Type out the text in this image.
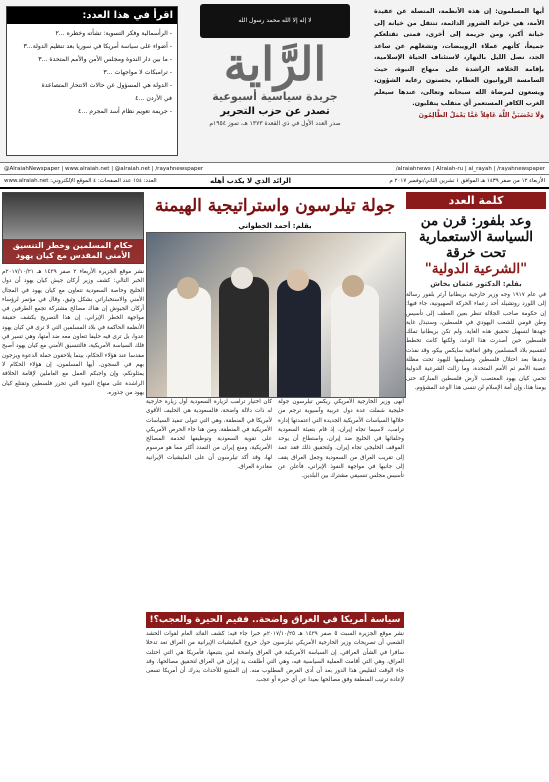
اقرأ في هذا العدد:
- الرأسمالية وفكر التسوية: تشأته وخطره ...٢
- أضواء على سياسة أمريكا في سوريا بعد تنظيم الدولة...٣
- ما بين دار الندوة ومجلس الأمن والأمم المتحدة ...٣
- ترامبكات لا مواجهات ...٣
- الدولة هي المسؤول عن حالات الانتحار المتصاعدة
في الأردن ...٤
- جريمة تعويم نظام أسد المجرم ...٤
لا إله إلا الله محمد رسول الله
الرَّاية
جريدة سياسية أسبوعية
تصدر عن حزب التحرير
صدر العدد الأول في ذي القعدة ١٣٧٣ هـ، تموز ١٩٥٤م
أيها المسلمون: إن هذه الأنظمة، المتصلة عن عقيدة الأمة، هي خزانة الشرور الدائمة، تنتقل من خيانة إلى خيانة أكبر، ومن جريمة إلى أخرى، فمتى تقتلعكم جميعاً، كأنهم عملاء الرويبضات، وتشغلهم عن ساعد الجد، نصل الليل بالنهار، لاستئناف الحياة الإسلامية، بإقامة الخلافة الراشدة على منهاج النبوة، حيث السامسة الروانيون العظام، يحسنون رعاية الشؤون، ويسعون لمرضاة الله سبحانه وتعالى، عندها سيعلم الغرب الكافر المستعمر أي منقلب ينقلبون.
وَلَا تَحْسَبَنَّ اللَّهَ غَافِلاً عَمَّا يَعْمَلُ الظَّالِمُونَ
@AlraiahNewspaper | www.alraiah.net | @alraiah.net | /rayahnewspaper	/alraiahnews | Alraiah-ru | al_rayah | /rayahnewspaper
الأربعاء ١٢ من صفر ١٤٣٩ هـ الموافق ١ تشرين الثاني/نوفمبر ٢٠١٧ م
الرائد الذي لا يكذب أهله
العدد: ١٥٤ عدد الصفحات: ٤ الموقع الإلكتروني: www.alraiah.net
كلمة العدد
وعد بلفور: قرن من السياسة الاستعمارية تحت خرقة
"الشرعية الدولية"
بقلم: الدكتور عثمان بخاش
في عام ١٩١٧ وجه وزير خارجية بريطانيا آرثر بلفور رسالة إلى اللورد روتشيلد أحد زعماء الحركة الصهيونية، جاء فيها: إن حكومة صاحب الجلالة تنظر بعين العطف إلى تأسيس وطن قومي للشعب اليهودي في فلسطين، وستبذل غاية جهدها لتسهيل تحقيق هذه الغاية. ولم تكن بريطانيا تملك فلسطين حين أصدرت هذا الوعد، ولكنها كانت تخطط لتقسيم بلاد المسلمين وفق اتفاقية سايكس بيكو، وقد نفذت وعدها بعد احتلال فلسطين وتسليمها لليهود تحت مظلة عصبة الأمم ثم الأمم المتحدة، وما زالت الشرعية الدولية تحمي كيان يهود المغتصب لأرض فلسطين المباركة حتى يومنا هذا، وإن أمة الإسلام لن تنسى هذا الوعد المشؤوم.
حكام المسلمين وخطر التنسيق الأمني المقدس مع كيان يهود
نشر موقع الجزيرة الأربعاء ٢ صفر ١٤٣٩ هـ ٢٠١٧/١٠/٢١م الخبر التالي: كشف وزير أركان جيش كيان يهود أن دول الخليج وخاصة السعودية تتعاون مع كيان يهود في المجال الأمني والاستخباراتي بشكل وثيق، وقال في مؤتمر لرؤساء أركان الجيوش إن هناك مصالح مشتركة تجمع الطرفين في مواجهة الخطر الإيراني. إن هذا التصريح يكشف حقيقة الأنظمة الحاكمة في بلاد المسلمين التي لا ترى في كيان يهود عدوا، بل ترى فيه حليفا تتعاون معه ضد أمتها، وهي تسير في فلك السياسة الأمريكية، فالتنسيق الأمني مع كيان يهود أصبح مقدسا عند هؤلاء الحكام، بينما يلاحقون حملة الدعوة ويزجون بهم في السجون. أيها المسلمون، إن هؤلاء الحكام لا يمثلونكم، وإن واجبكم العمل مع العاملين لإقامة الخلافة الراشدة على منهاج النبوة التي تحرر فلسطين وتقتلع كيان يهود من جذوره.
جولة تيلرسون واستراتيجية الهيمنة
بقلم: أحمد الخطواني
أنهى وزير الخارجية الأمريكي ريكس تيلرسون جولة خليجية شملت عدة دول عربية وآسيوية ترجم من خلالها السياسات الأمريكية الجديدة التي اعتمدتها إدارة ترامب، لاسيما تجاه إيران، إذ قام بتعبئة السعودية وحلفائها في الخليج ضد إيران، واستطاع أن يوحد الموقف الخليجي تجاه إيران. ولتحقيق ذلك فقد عمد إلى تقريب العراق من السعودية وجعل العراق يقف إلى جانبها في مواجهة النفوذ الإيراني، فأعلن عن تأسيس مجلس تنسيقي مشترك بين البلدين.
كان اختيار ترامب لزيارة السعودية أول زيارة خارجية له ذات دلالة واضحة، فالسعودية هي الحليف الأقوى لأمريكا في المنطقة، وهي التي تتولى تنفيذ السياسات الأمريكية في المنطقة، ومن هنا جاء الحرص الأمريكي على تقوية السعودية وتوظيفها لخدمة المصالح الأمريكية، ومنع إيران من التمدد أكثر مما هو مرسوم لها، وقد أكد تيلرسون أن على المليشيات الإيرانية مغادرة العراق.
سياسة أمريكا في العراق واضحة.. ففيم الحيرة والعجب؟!
نشر موقع الجزيرة السبت ٥ صفر ١٤٣٩ هـ ٢٠١٧/١٠/٢٥م خبرا جاء فيه: كشف القائد العام لقوات الحشد الشعبي أن تصريحات وزير الخارجية الأمريكي تيلرسون حول خروج المليشيات الإيرانية من العراق تعد تدخلا سافرا في الشأن العراقي. إن السياسة الأمريكية في العراق واضحة لمن يتتبعها، فأمريكا هي التي احتلت العراق، وهي التي أقامت العملية السياسية فيه، وهي التي أطلقت يد إيران في العراق لتحقيق مصالحها، وقد جاء الوقت لتقليص هذا الدور بعد أن أدى الغرض المطلوب منه. إن المتتبع للأحداث يدرك أن أمريكا تسعى لإعادة ترتيب المنطقة وفق مصالحها بعيدا عن أي حيرة أو عجب.
